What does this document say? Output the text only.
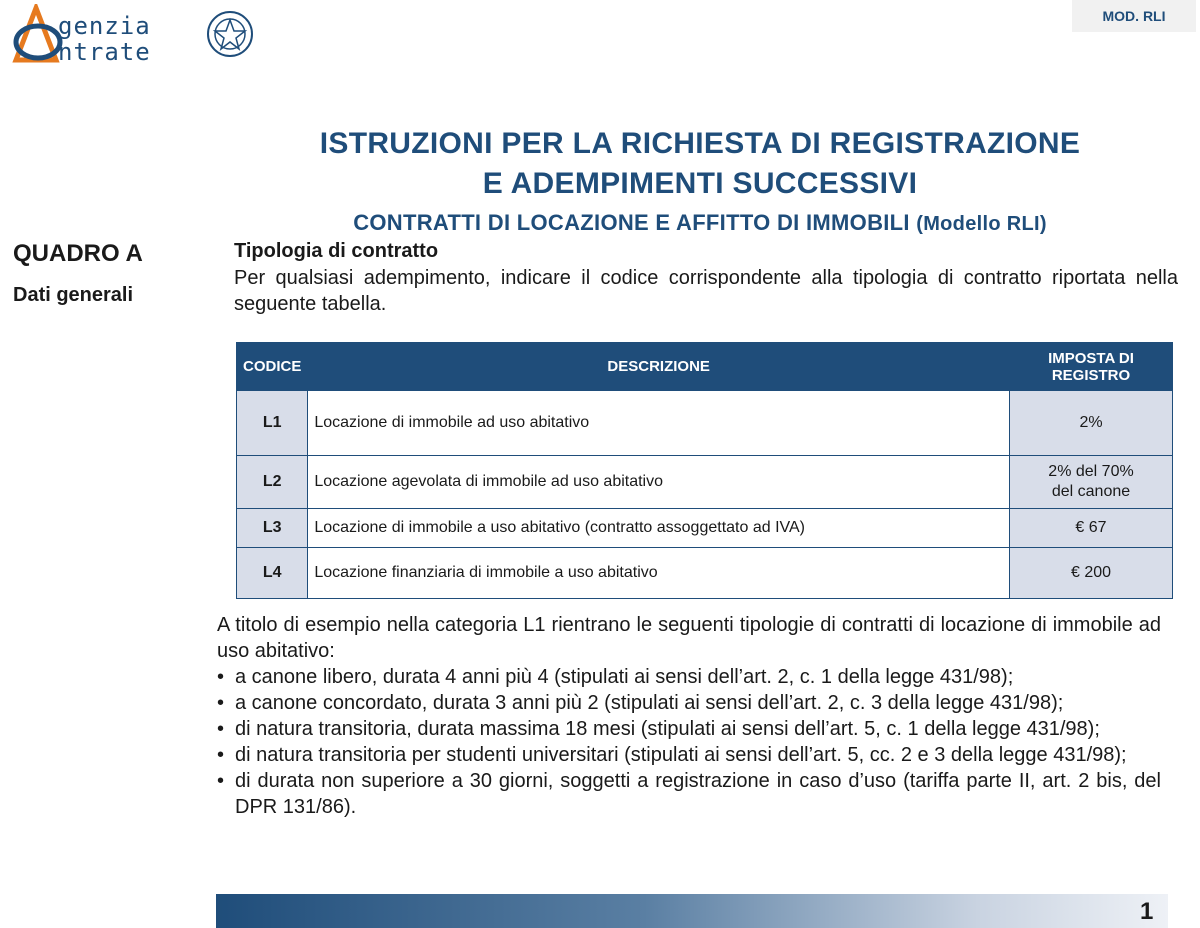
genzia
ntrate
MOD. RLI
ISTRUZIONI PER LA RICHIESTA DI REGISTRAZIONE
E ADEMPIMENTI SUCCESSIVI
CONTRATTI DI LOCAZIONE E AFFITTO DI IMMOBILI (Modello RLI)
QUADRO A
Dati generali
Tipologia di contratto
Per qualsiasi adempimento, indicare il codice corrispondente alla tipologia di contratto riportata nella seguente tabella.
CODICE	DESCRIZIONE	IMPOSTA DI REGISTRO
L1	Locazione di immobile ad uso abitativo	2%

L2	Locazione agevolata di immobile ad uso abitativo	2% del 70%
del canone

L3	Locazione di immobile a uso abitativo (contratto assoggettato ad IVA)	€ 67

L4	Locazione finanziaria di immobile a uso abitativo	€ 200

A titolo di esempio nella categoria L1 rientrano le seguenti tipologie di contratti di locazione di immobile ad uso abitativo:

• a canone libero, durata 4 anni più 4 (stipulati ai sensi dell’art. 2, c. 1 della legge 431/98);
• a canone concordato, durata 3 anni più 2 (stipulati ai sensi dell’art. 2, c. 3 della legge 431/98);
• di natura transitoria, durata massima 18 mesi (stipulati ai sensi dell’art. 5, c. 1 della legge 431/98);
• di natura transitoria per studenti universitari (stipulati ai sensi dell’art. 5, cc. 2 e 3 della legge 431/98);
• di durata non superiore a 30 giorni, soggetti a registrazione in caso d’uso (tariffa parte II, art. 2 bis, del DPR 131/86).
1
